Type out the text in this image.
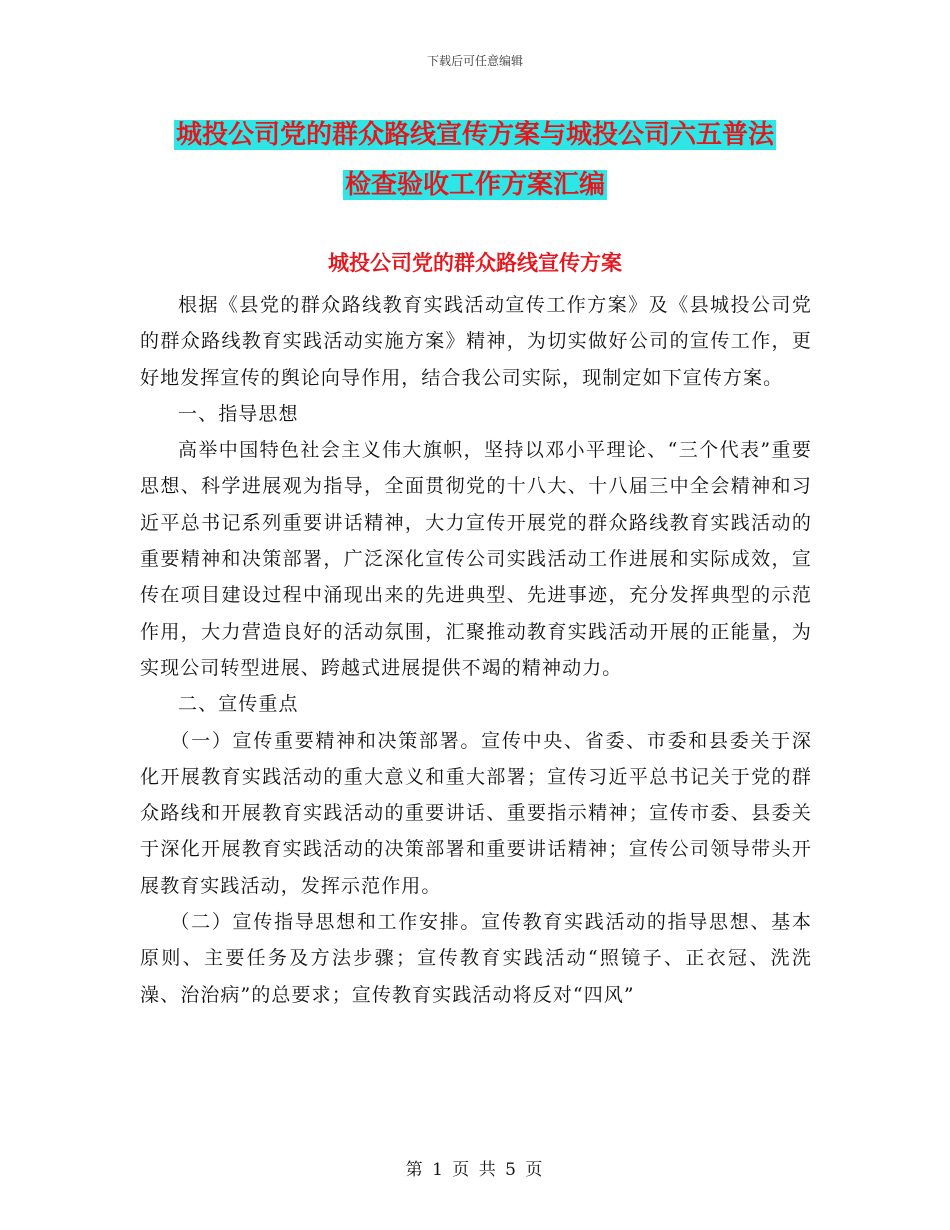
下载后可任意编辑
城投公司党的群众路线宣传方案与城投公司六五普法
检查验收工作方案汇编
城投公司党的群众路线宣传方案

根据《县党的群众路线教育实践活动宣传工作方案》及《县城投公司党的群众路线教育实践活动实施方案》精神，为切实做好公司的宣传工作，更好地发挥宣传的舆论向导作用，结合我公司实际，现制定如下宣传方案。

一、指导思想

高举中国特色社会主义伟大旗帜，坚持以邓小平理论、“三个代表”重要思想、科学进展观为指导，全面贯彻党的十八大、十八届三中全会精神和习近平总书记系列重要讲话精神，大力宣传开展党的群众路线教育实践活动的重要精神和决策部署，广泛深化宣传公司实践活动工作进展和实际成效，宣传在项目建设过程中涌现出来的先进典型、先进事迹，充分发挥典型的示范作用，大力营造良好的活动氛围，汇聚推动教育实践活动开展的正能量，为实现公司转型进展、跨越式进展提供不竭的精神动力。

二、宣传重点

（一）宣传重要精神和决策部署。宣传中央、省委、市委和县委关于深化开展教育实践活动的重大意义和重大部署；宣传习近平总书记关于党的群众路线和开展教育实践活动的重要讲话、重要指示精神；宣传市委、县委关于深化开展教育实践活动的决策部署和重要讲话精神；宣传公司领导带头开展教育实践活动，发挥示范作用。

（二）宣传指导思想和工作安排。宣传教育实践活动的指导思想、基本原则、主要任务及方法步骤；宣传教育实践活动“照镜子、正衣冠、洗洗澡、治治病”的总要求；宣传教育实践活动将反对“四风”

第 1 页 共 5 页
